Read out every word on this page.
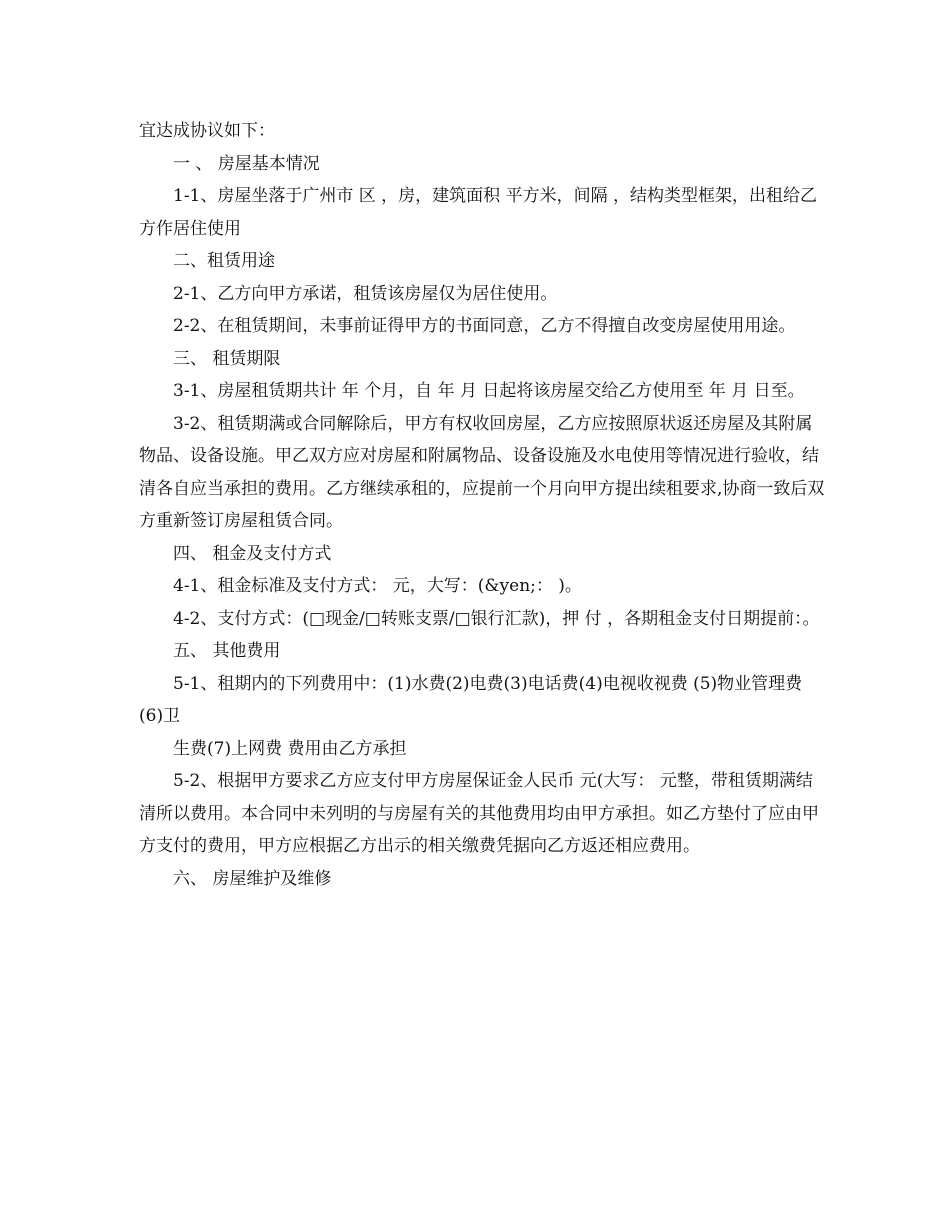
宜达成协议如下：

一 、 房屋基本情况

1-1、房屋坐落于广州市 区 ，房，建筑面积 平方米，间隔 ，结构类型框架，出租给乙方作居住使用

二、租赁用途

2-1、乙方向甲方承诺，租赁该房屋仅为居住使用。

2-2、在租赁期间，未事前证得甲方的书面同意，乙方不得擅自改变房屋使用用途。

三、 租赁期限

3-1、房屋租赁期共计 年 个月，自 年 月 日起将该房屋交给乙方使用至 年 月 日至。

3-2、租赁期满或合同解除后，甲方有权收回房屋，乙方应按照原状返还房屋及其附属物品、设备设施。甲乙双方应对房屋和附属物品、设备设施及水电使用等情况进行验收，结清各自应当承担的费用。乙方继续承租的，应提前一个月向甲方提出续租要求,协商一致后双方重新签订房屋租赁合同。

四、 租金及支付方式

4-1、租金标准及支付方式： 元，大写：(&yen;： )。

4-2、支付方式：(□现金/□转账支票/□银行汇款)，押 付 ，各期租金支付日期提前：。

五、 其他费用

5-1、租期内的下列费用中：(1)水费(2)电费(3)电话费(4)电视收视费 (5)物业管理费 (6)卫

生费(7)上网费 费用由乙方承担

5-2、根据甲方要求乙方应支付甲方房屋保证金人民币 元(大写： 元整，带租赁期满结清所以费用。本合同中未列明的与房屋有关的其他费用均由甲方承担。如乙方垫付了应由甲方支付的费用，甲方应根据乙方出示的相关缴费凭据向乙方返还相应费用。

六、 房屋维护及维修
